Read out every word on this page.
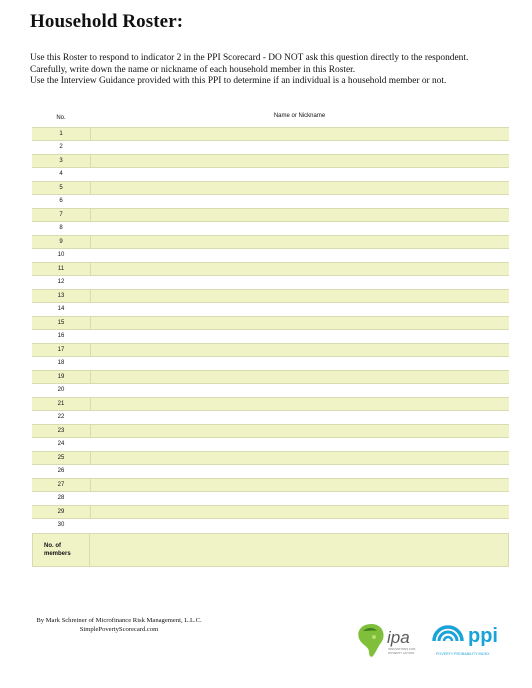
Household Roster:
Use this Roster to respond to indicator 2 in the PPI Scorecard - DO NOT ask this question directly to the respondent.
Carefully, write down the name or nickname of each household member in this Roster.
Use the Interview Guidance provided with this PPI to determine if an individual is a household member or not.
No.	Name or Nickname
1
2
3
4
5
6
7
8
9
10
11
12
13
14
15
16
17
18
19
20
21
22
23
24
25
26
27
28
29
30
No. of
members
By Mark Schreiner of Microfinance Risk Management, L.L.C.
SimplePovertyScorecard.com	ipa
INNOVATIONS FOR
POVERTY ACTION
ppi
POVERTY PROBABILITY INDEX
